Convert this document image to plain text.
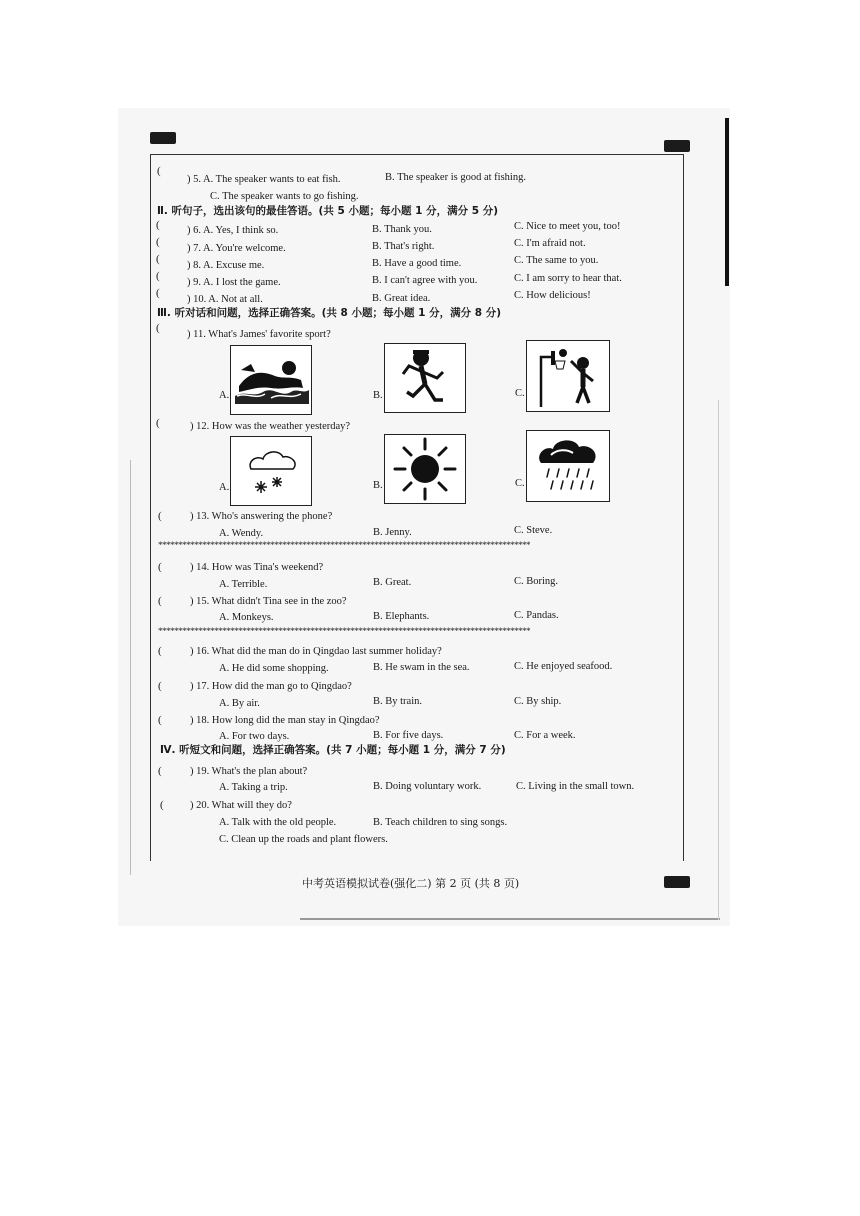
(
) 5. A. The speaker wants to eat fish.	B. The speaker is good at fishing.
C. The speaker wants to go fishing.
Ⅱ. 听句子，选出该句的最佳答语。(共 5 小题；每小题 1 分，满分 5 分)
(	) 6. A. Yes, I think so.	B. Thank you.	C. Nice to meet you, too!
(
) 7. A. You're welcome.	B. That's right.	C. I'm afraid not.
(
) 8. A. Excuse me.	B. Have a good time.	C. The same to you.
(
) 9. A. I lost the game.	B. I can't agree with you.	C. I am sorry to hear that.
(
) 10. A. Not at all.	B. Great idea.	C. How delicious!
Ⅲ. 听对话和问题，选择正确答案。(共 8 小题；每小题 1 分，满分 8 分)
(
) 11. What's James' favorite sport?
A.	B.	C.
(	) 12. How was the weather yesterday?
A.	B.	C.
(	) 13. Who's answering the phone?
A. Wendy.	B. Jenny.	C. Steve.
*********************************************************************************************
(	) 14. How was Tina's weekend?
A. Terrible.	B. Great.	C. Boring.
(	) 15. What didn't Tina see in the zoo?
A. Monkeys.	B. Elephants.	C. Pandas.
*********************************************************************************************
(	) 16. What did the man do in Qingdao last summer holiday?
A. He did some shopping.	B. He swam in the sea.	C. He enjoyed seafood.
(	) 17. How did the man go to Qingdao?
A. By air.	B. By train.	C. By ship.
(	) 18. How long did the man stay in Qingdao?
A. For two days.	B. For five days.	C. For a week.
Ⅳ. 听短文和问题，选择正确答案。(共 7 小题；每小题 1 分，满分 7 分)
(	) 19. What's the plan about?
A. Taking a trip.	B. Doing voluntary work.	C. Living in the small town.
(	) 20. What will they do?
A. Talk with the old people.	B. Teach children to sing songs.
C. Clean up the roads and plant flowers.
中考英语模拟试卷(强化二) 第 2 页 (共 8 页)
